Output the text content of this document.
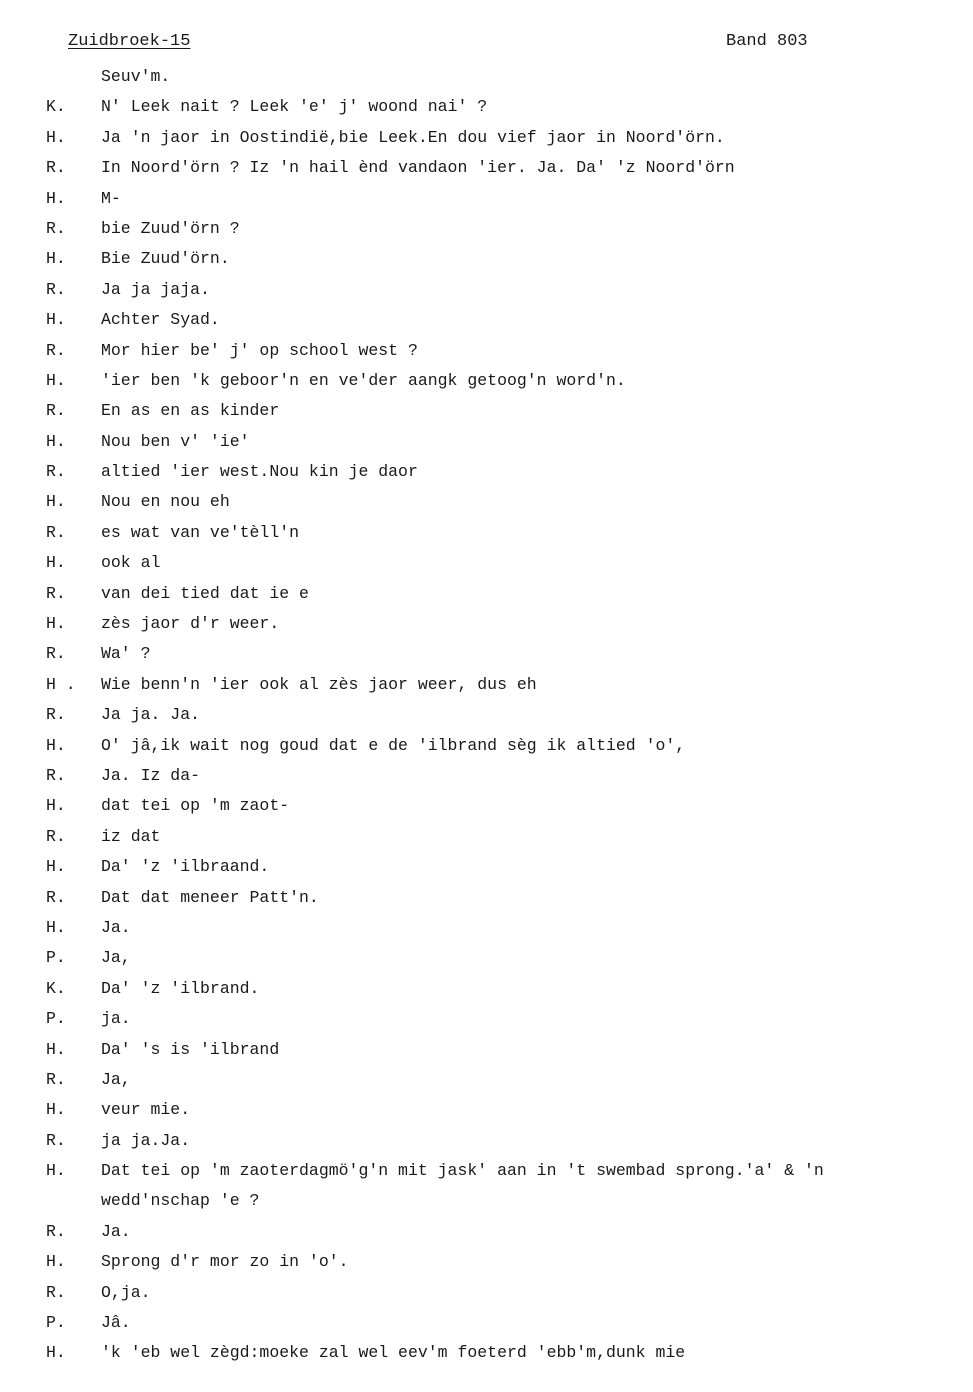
Zuidbroek-15	Band 803
Seuv'm.
K.	N' Leek nait ? Leek 'e' j' woond nai' ?
H.	Ja 'n jaor in Oostindië,bie Leek.En dou vief jaor in Noord'örn.
R.	In Noord'örn ? Iz 'n hail ènd vandaon 'ier. Ja. Da' 'z Noord'örn
H.	M-
R.	bie Zuud'örn ?
H.	Bie Zuud'örn.
R.	Ja ja jaja.
H.	Achter Syad.
R.	Mor hier be' j' op school west ?
H.	'ier ben 'k geboor'n en ve'der aangk getoog'n word'n.
R.	En as en as kinder
H.	Nou ben v' 'ie'
R.	altied 'ier west.Nou kin je daor
H.	Nou en nou eh
R.	es wat van ve'tèll'n
H.	ook al
R.	van dei tied dat ie e
H.	zès jaor d'r weer.
R.	Wa' ?
H .	Wie benn'n 'ier ook al zès jaor weer, dus eh
R.	Ja ja. Ja.
H.	O' jâ,ik wait nog goud dat e de 'ilbrand sèg ik altied 'o',
R.	Ja. Iz da-
H.	dat tei op 'm zaot-
R.	iz dat
H.	Da' 'z 'ilbraand.
R.	Dat dat meneer Patt'n.
H.	Ja.
P.	Ja,
K.	Da' 'z 'ilbrand.
P.	ja.
H.	Da' 's is 'ilbrand
R.	Ja,
H.	veur mie.
R.	ja ja.Ja.
H.	Dat tei op 'm zaoterdagmö'g'n mit jask' aan in 't swembad sprong.'a' & 'n
wedd'nschap 'e ?
R.	Ja.
H.	Sprong d'r mor zo in 'o'.
R.	O,ja.
P.	Jâ.
H.	'k 'eb wel zègd:moeke zal wel eev'm foeterd 'ebb'm,dunk mie
